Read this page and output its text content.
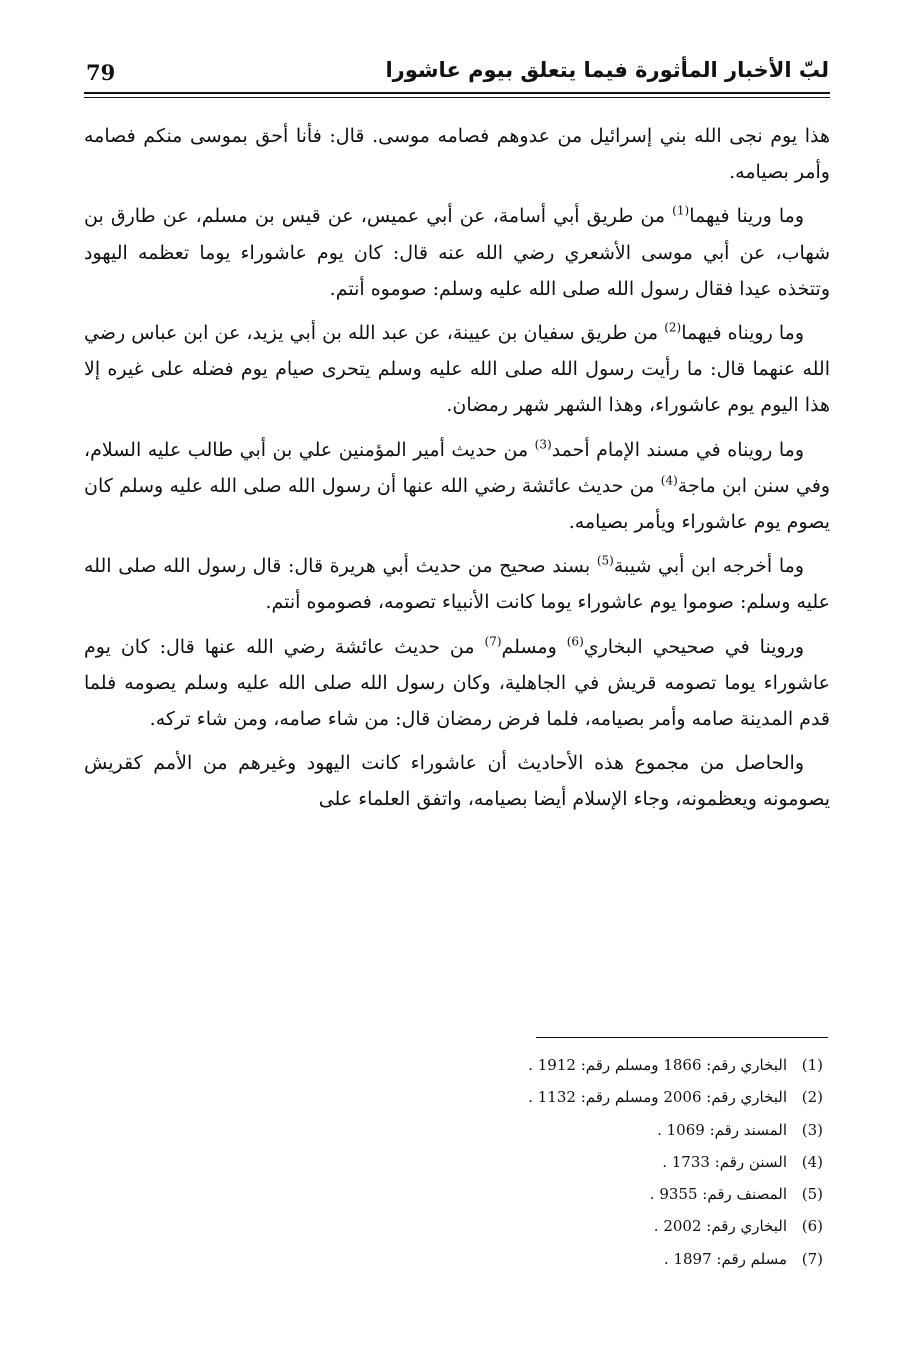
79	لبّ الأخبار المأثورة فيما يتعلق بيوم عاشورا

هذا يوم نجى الله بني إسرائيل من عدوهم فصامه موسى. قال: فأنا أحق بموسى منكم فصامه وأمر بصيامه.

وما ورينا فيهما$^{(1)}$ من طريق أبي أسامة، عن أبي عميس، عن قيس بن مسلم، عن طارق بن شهاب، عن أبي موسى الأشعري رضي الله عنه قال: كان يوم عاشوراء يوما تعظمه اليهود وتتخذه عيدا فقال رسول الله صلى الله عليه وسلم: صوموه أنتم.

وما رويناه فيهما$^{(2)}$ من طريق سفيان بن عيينة، عن عبد الله بن أبي يزيد، عن ابن عباس رضي الله عنهما قال: ما رأيت رسول الله صلى الله عليه وسلم يتحرى صيام يوم فضله على غيره إلا هذا اليوم يوم عاشوراء، وهذا الشهر شهر رمضان.

وما رويناه في مسند الإمام أحمد$^{(3)}$ من حديث أمير المؤمنين علي بن أبي طالب عليه السلام، وفي سنن ابن ماجة$^{(4)}$ من حديث عائشة رضي الله عنها أن رسول الله صلى الله عليه وسلم كان يصوم يوم عاشوراء ويأمر بصيامه.

وما أخرجه ابن أبي شيبة$^{(5)}$ بسند صحيح من حديث أبي هريرة قال: قال رسول الله صلى الله عليه وسلم: صوموا يوم عاشوراء يوما كانت الأنبياء تصومه، فصوموه أنتم.

وروينا في صحيحي البخاري$^{(6)}$ ومسلم$^{(7)}$ من حديث عائشة رضي الله عنها قال: كان يوم عاشوراء يوما تصومه قريش في الجاهلية، وكان رسول الله صلى الله عليه وسلم يصومه فلما قدم المدينة صامه وأمر بصيامه، فلما فرض رمضان قال: من شاء صامه، ومن شاء تركه.

والحاصل من مجموع هذه الأحاديث أن عاشوراء كانت اليهود وغيرهم من الأمم كقريش يصومونه ويعظمونه، وجاء الإسلام أيضا بصيامه، واتفق العلماء على

(1)البخاري رقم: 1866 ومسلم رقم: 1912 .
(2)البخاري رقم: 2006 ومسلم رقم: 1132 .
(3)المسند رقم: 1069 .
(4)السنن رقم: 1733 .
(5)المصنف رقم: 9355 .
(6)البخاري رقم: 2002 .
(7)مسلم رقم: 1897 .
